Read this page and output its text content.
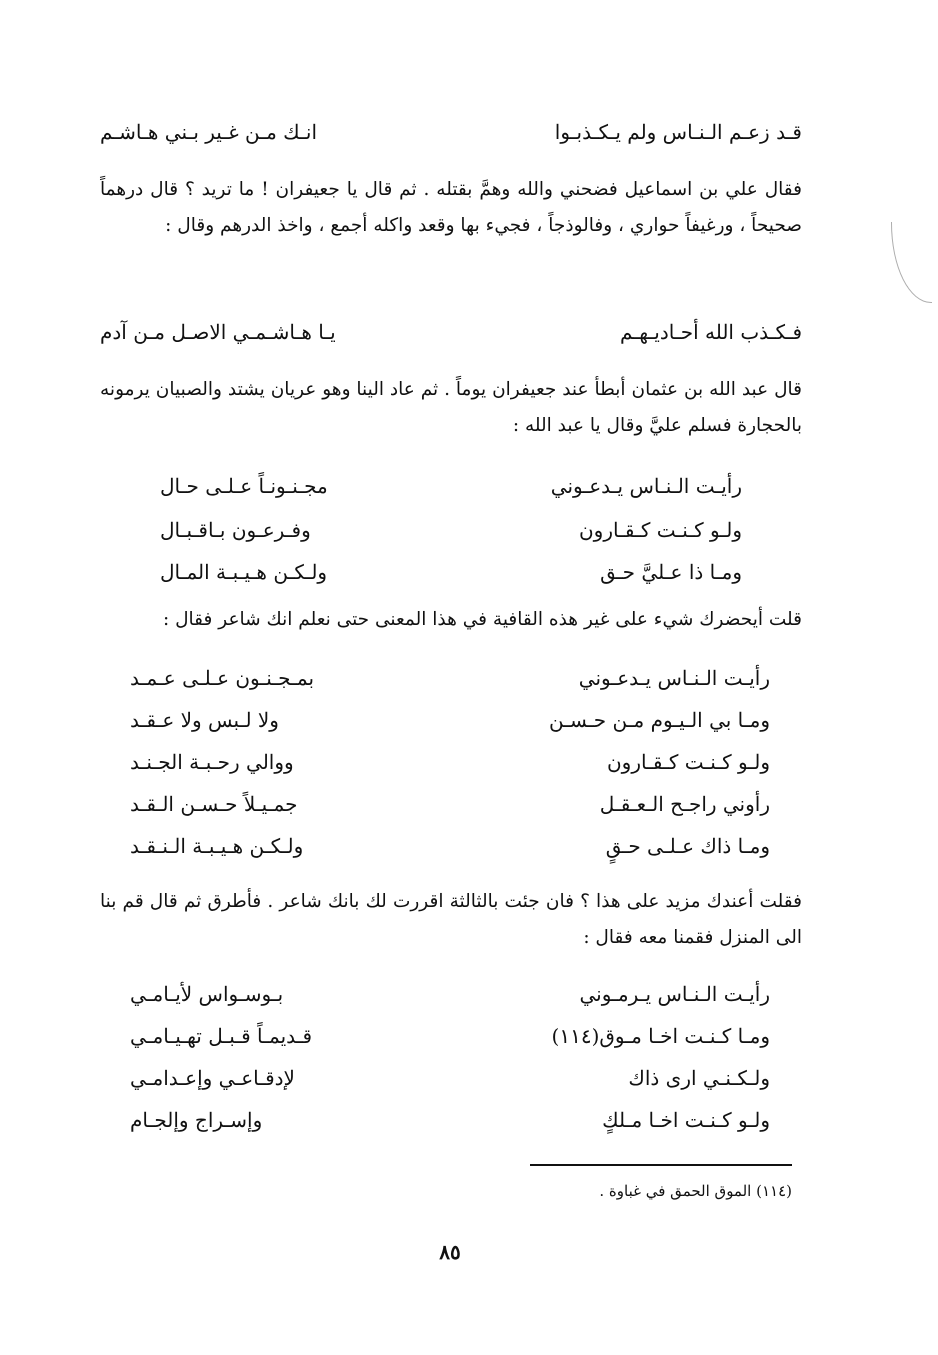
قـد زعـم الـنـاس ولم يـكـذبـوا
انـك مـن غـير بـني هـاشـم
فقال علي بن اسماعيل فضحني والله وهمَّ بقتله . ثم قال يا جعيفران ! ما تريد ؟ قال درهماً صحيحاً ، ورغيفاً حواري ، وفالوذجاً ، فجيء بها وقعد واكله أجمع ، واخذ الدرهم وقال :
فـكـذب الله أحـاديـهـم
يـا هـاشـمـي الاصـل مـن آدم
قال عبد الله بن عثمان أبطأ عند جعيفران يوماً . ثم عاد الينا وهو عريان يشتد والصبيان يرمونه بالحجارة فسلم عليَّ وقال يا عبد الله :
رأيـت الـنـاس يـدعـوني
مجـنـونـاً عـلـى حـال
ولـو كـنـت كـقـارون
وفـرعـون بـاقـبـال
ومـا ذا عـليَّ حـق
ولـكـن هـيـبـة المـال
قلت أيحضرك شيء على غير هذه القافية في هذا المعنى حتى نعلم انك شاعر فقال :
رأيـت الـنـاس يـدعـوني
بمـجـنـون عـلـى عـمـد
ومـا بي الـيـوم مـن حـسـن
ولا لـبس ولا عـقـد
ولـو كـنـت كـقـارون
ووالي رحـبـة الجـنـد
رأوني راجـح الـعـقـل
جمـيـلاً حـسـن الـقـد
ومـا ذاك عـلـى حـقٍ
ولـكـن هـيـبـة الـنـقـد
فقلت أعندك مزيد على هذا ؟ فان جئت بالثالثة اقررت لك بانك شاعر . فأطرق ثم قال قم بنا الى المنزل فقمنا معه فقال :
رأيـت الـنـاس يـرمـوني
بـوسـواس لأيـامـي
ومـا كـنـت اخـا مـوق(١١٤)
قـديمـاً قـبـل تهـيـامـي
ولـكـنـي ارى ذاك
لإدقـاعـي وإعـدامـي
ولـو كـنـت اخـا مـلكٍ
وإسـراج وإلجـام
(١١٤) الموق الحمق في غباوة .
٨٥
